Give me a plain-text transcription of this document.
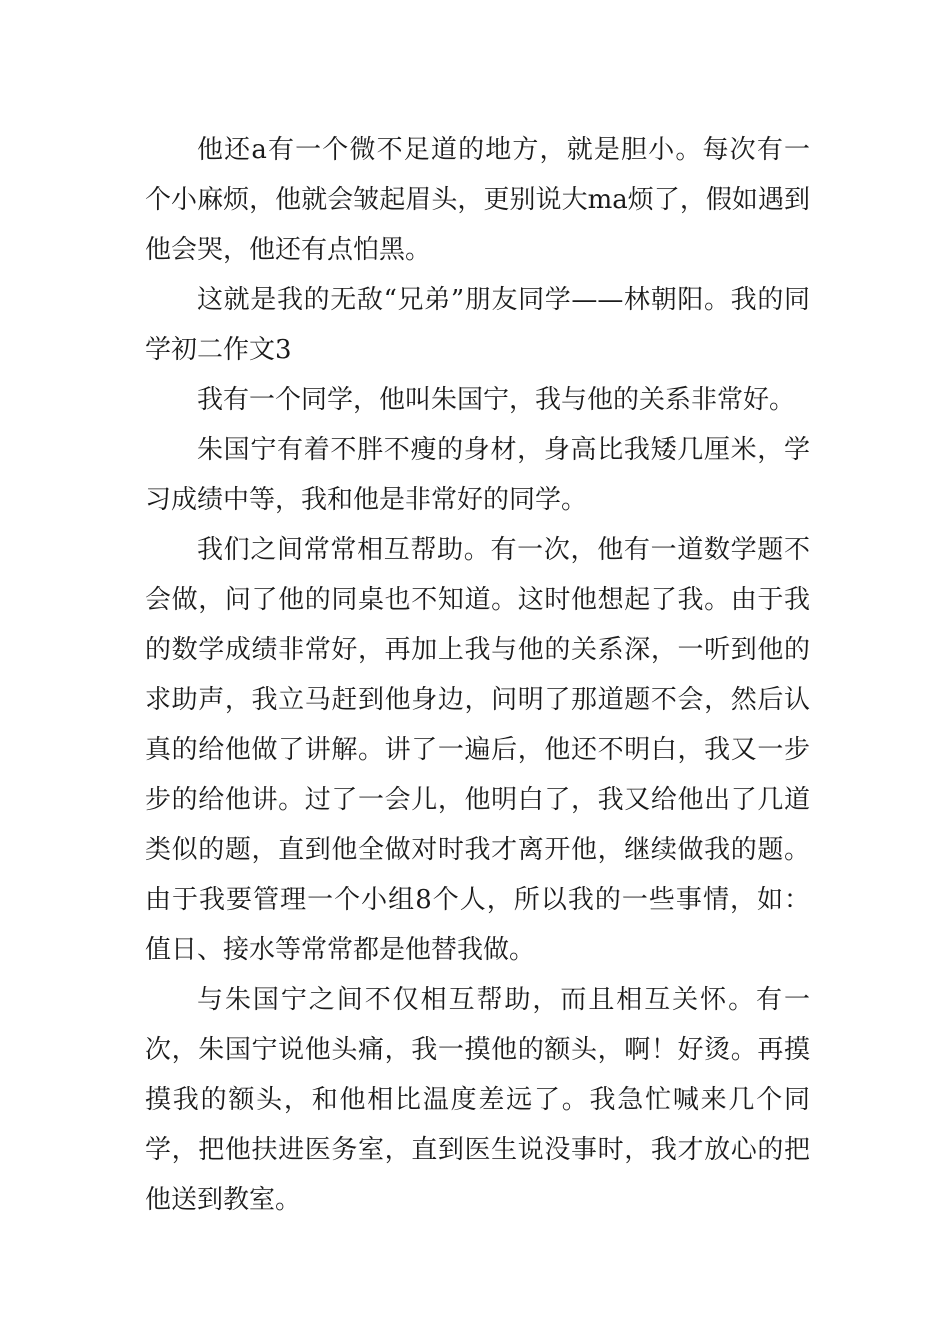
他还a有一个微不足道的地方，就是胆小。每次有一个小麻烦，他就会皱起眉头，更别说大ma烦了，假如遇到他会哭，他还有点怕黑。

这就是我的无敌“兄弟”朋友同学——林朝阳。我的同学初二作文3

我有一个同学，他叫朱国宁，我与他的关系非常好。

朱国宁有着不胖不瘦的身材，身高比我矮几厘米，学习成绩中等，我和他是非常好的同学。

我们之间常常相互帮助。有一次，他有一道数学题不会做，问了他的同桌也不知道。这时他想起了我。由于我的数学成绩非常好，再加上我与他的关系深，一听到他的求助声，我立马赶到他身边，问明了那道题不会，然后认真的给他做了讲解。讲了一遍后，他还不明白，我又一步步的给他讲。过了一会儿，他明白了，我又给他出了几道类似的题，直到他全做对时我才离开他，继续做我的题。由于我要管理一个小组8个人，所以我的一些事情，如：值日、接水等常常都是他替我做。

与朱国宁之间不仅相互帮助，而且相互关怀。有一次，朱国宁说他头痛，我一摸他的额头，啊！好烫。再摸摸我的额头，和他相比温度差远了。我急忙喊来几个同学，把他扶进医务室，直到医生说没事时，我才放心的把他送到教室。
